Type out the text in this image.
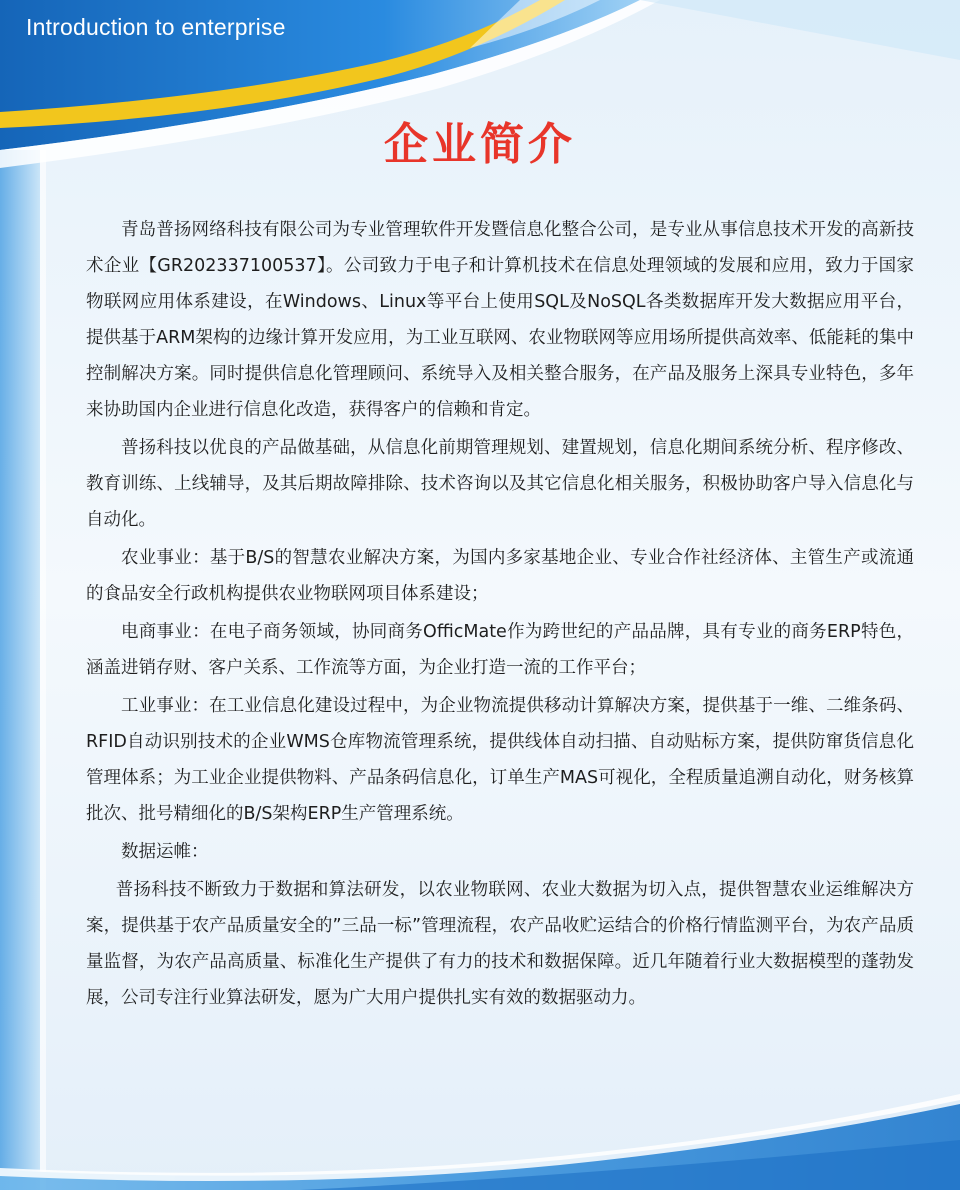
Introduction to enterprise
企业简介

青岛普扬网络科技有限公司为专业管理软件开发暨信息化整合公司，是专业从事信息技术开发的高新技术企业【GR202337100537】。公司致力于电子和计算机技术在信息处理领域的发展和应用，致力于国家物联网应用体系建设，在Windows、Linux等平台上使用SQL及NoSQL各类数据库开发大数据应用平台，提供基于ARM架构的边缘计算开发应用，为工业互联网、农业物联网等应用场所提供高效率、低能耗的集中控制解决方案。同时提供信息化管理顾问、系统导入及相关整合服务，在产品及服务上深具专业特色，多年来协助国内企业进行信息化改造，获得客户的信赖和肯定。

普扬科技以优良的产品做基础，从信息化前期管理规划、建置规划，信息化期间系统分析、程序修改、教育训练、上线辅导，及其后期故障排除、技术咨询以及其它信息化相关服务，积极协助客户导入信息化与自动化。

农业事业：基于B/S的智慧农业解决方案，为国内多家基地企业、专业合作社经济体、主管生产或流通的食品安全行政机构提供农业物联网项目体系建设；

电商事业：在电子商务领域，协同商务OfficMate作为跨世纪的产品品牌，具有专业的商务ERP特色，涵盖进销存财、客户关系、工作流等方面，为企业打造一流的工作平台；

工业事业：在工业信息化建设过程中，为企业物流提供移动计算解决方案，提供基于一维、二维条码、RFID自动识别技术的企业WMS仓库物流管理系统，提供线体自动扫描、自动贴标方案，提供防窜货信息化管理体系；为工业企业提供物料、产品条码信息化，订单生产MAS可视化，全程质量追溯自动化，财务核算批次、批号精细化的B/S架构ERP生产管理系统。

数据运帷：

普扬科技不断致力于数据和算法研发，以农业物联网、农业大数据为切入点，提供智慧农业运维解决方案，提供基于农产品质量安全的”三品一标”管理流程，农产品收贮运结合的价格行情监测平台，为农产品质量监督，为农产品高质量、标准化生产提供了有力的技术和数据保障。近几年随着行业大数据模型的蓬勃发展，公司专注行业算法研发，愿为广大用户提供扎实有效的数据驱动力。
